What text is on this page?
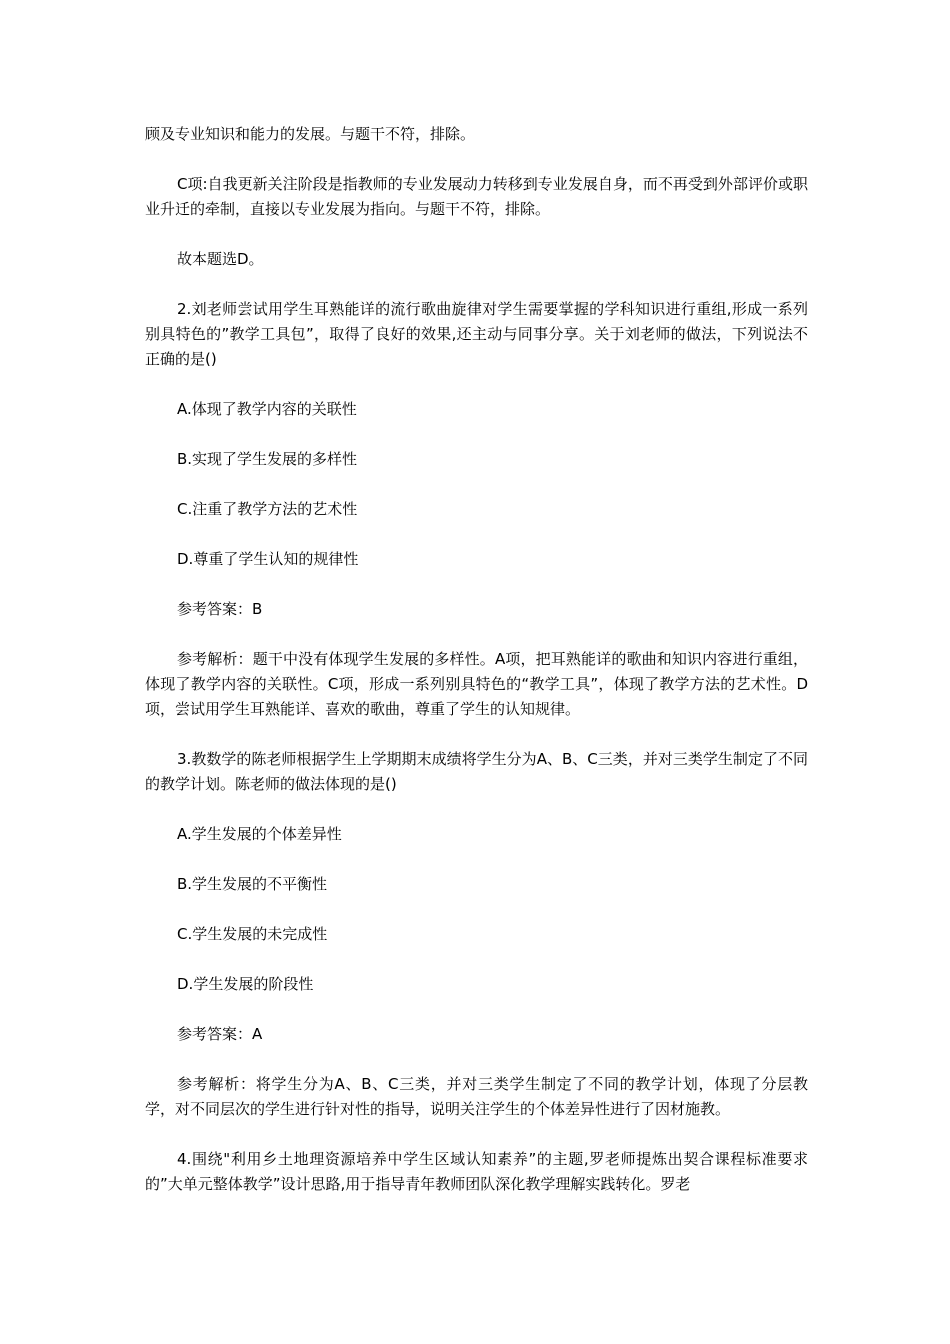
顾及专业知识和能力的发展。与题干不符，排除。

C项:自我更新关注阶段是指教师的专业发展动力转移到专业发展自身，而不再受到外部评价或职业升迁的牵制，直接以专业发展为指向。与题干不符，排除。

故本题选D。

2.刘老师尝试用学生耳熟能详的流行歌曲旋律对学生需要掌握的学科知识进行重组,形成一系列别具特色的”教学工具包”，取得了良好的效果,还主动与同事分享。关于刘老师的做法，下列说法不正确的是()

A.体现了教学内容的关联性

B.实现了学生发展的多样性

C.注重了教学方法的艺术性

D.尊重了学生认知的规律性

参考答案：B

参考解析：题干中没有体现学生发展的多样性。A项，把耳熟能详的歌曲和知识内容进行重组，体现了教学内容的关联性。C项，形成一系列别具特色的“教学工具”，体现了教学方法的艺术性。D项，尝试用学生耳熟能详、喜欢的歌曲，尊重了学生的认知规律。

3.教数学的陈老师根据学生上学期期末成绩将学生分为A、B、C三类，并对三类学生制定了不同的教学计划。陈老师的做法体现的是()

A.学生发展的个体差异性

B.学生发展的不平衡性

C.学生发展的未完成性

D.学生发展的阶段性

参考答案：A

参考解析：将学生分为A、B、C三类，并对三类学生制定了不同的教学计划，体现了分层教学，对不同层次的学生进行针对性的指导，说明关注学生的个体差异性进行了因材施教。

4.围绕"利用乡土地理资源培养中学生区域认知素养”的主题,罗老师提炼出契合课程标准要求的”大单元整体教学”设计思路,用于指导青年教师团队深化教学理解实践转化。罗老
